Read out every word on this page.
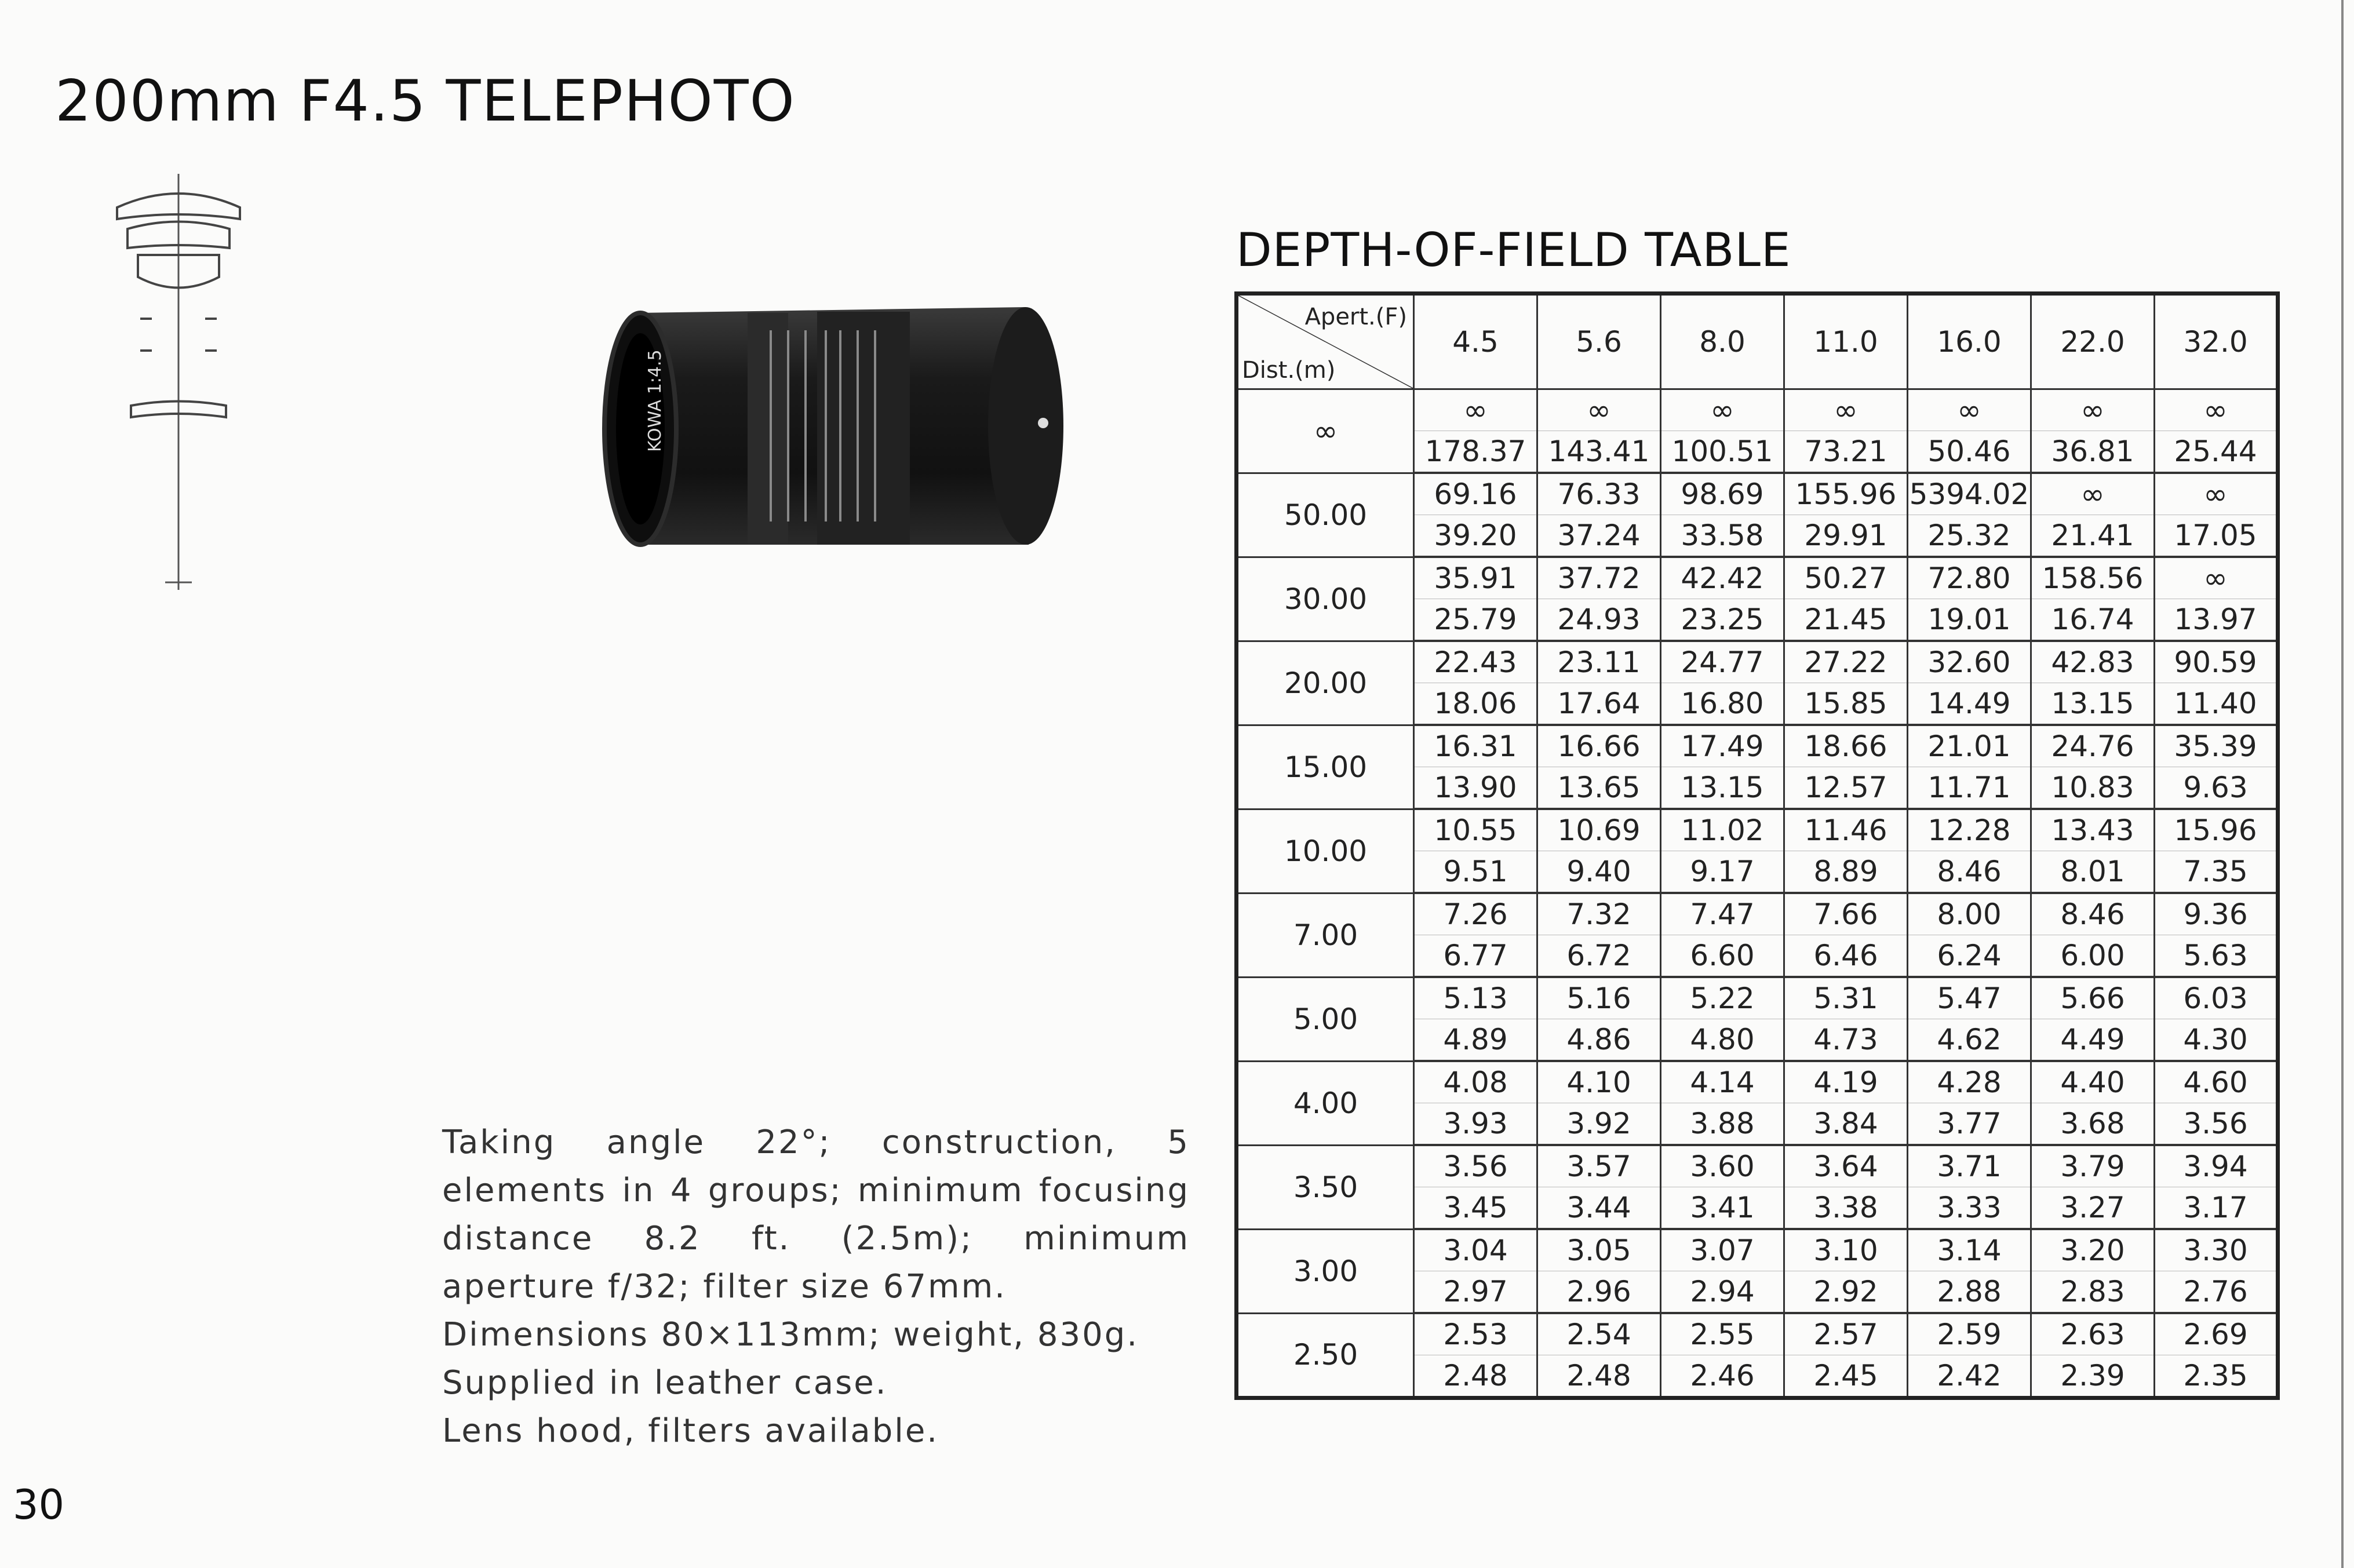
200mm F4.5 TELEPHOTO
KOWA 1:4.5

Taking angle 22°; construction, 5 elements in 4 groups; minimum focusing distance 8.2 ft. (2.5m); minimum aperture f/32; filter size 67mm.

Dimensions 80×113mm; weight, 830g.

Supplied in leather case.

Lens hood, filters available.

30
DEPTH-OF-FIELD TABLE
Apert.(F)
Dist.(m)	4.5	5.6	8.0	11.0	16.0	22.0	32.0
∞	∞	∞	∞	∞	∞	∞	∞
	178.37	143.41	100.51	73.21	50.46	36.81	25.44
50.00	69.16	76.33	98.69	155.96	5394.02	∞	∞
	39.20	37.24	33.58	29.91	25.32	21.41	17.05
30.00	35.91	37.72	42.42	50.27	72.80	158.56	∞
	25.79	24.93	23.25	21.45	19.01	16.74	13.97
20.00	22.43	23.11	24.77	27.22	32.60	42.83	90.59
	18.06	17.64	16.80	15.85	14.49	13.15	11.40
15.00	16.31	16.66	17.49	18.66	21.01	24.76	35.39
	13.90	13.65	13.15	12.57	11.71	10.83	9.63
10.00	10.55	10.69	11.02	11.46	12.28	13.43	15.96
	9.51	9.40	9.17	8.89	8.46	8.01	7.35
7.00	7.26	7.32	7.47	7.66	8.00	8.46	9.36
	6.77	6.72	6.60	6.46	6.24	6.00	5.63
5.00	5.13	5.16	5.22	5.31	5.47	5.66	6.03
	4.89	4.86	4.80	4.73	4.62	4.49	4.30
4.00	4.08	4.10	4.14	4.19	4.28	4.40	4.60
	3.93	3.92	3.88	3.84	3.77	3.68	3.56
3.50	3.56	3.57	3.60	3.64	3.71	3.79	3.94
	3.45	3.44	3.41	3.38	3.33	3.27	3.17
3.00	3.04	3.05	3.07	3.10	3.14	3.20	3.30
	2.97	2.96	2.94	2.92	2.88	2.83	2.76
2.50	2.53	2.54	2.55	2.57	2.59	2.63	2.69
	2.48	2.48	2.46	2.45	2.42	2.39	2.35
